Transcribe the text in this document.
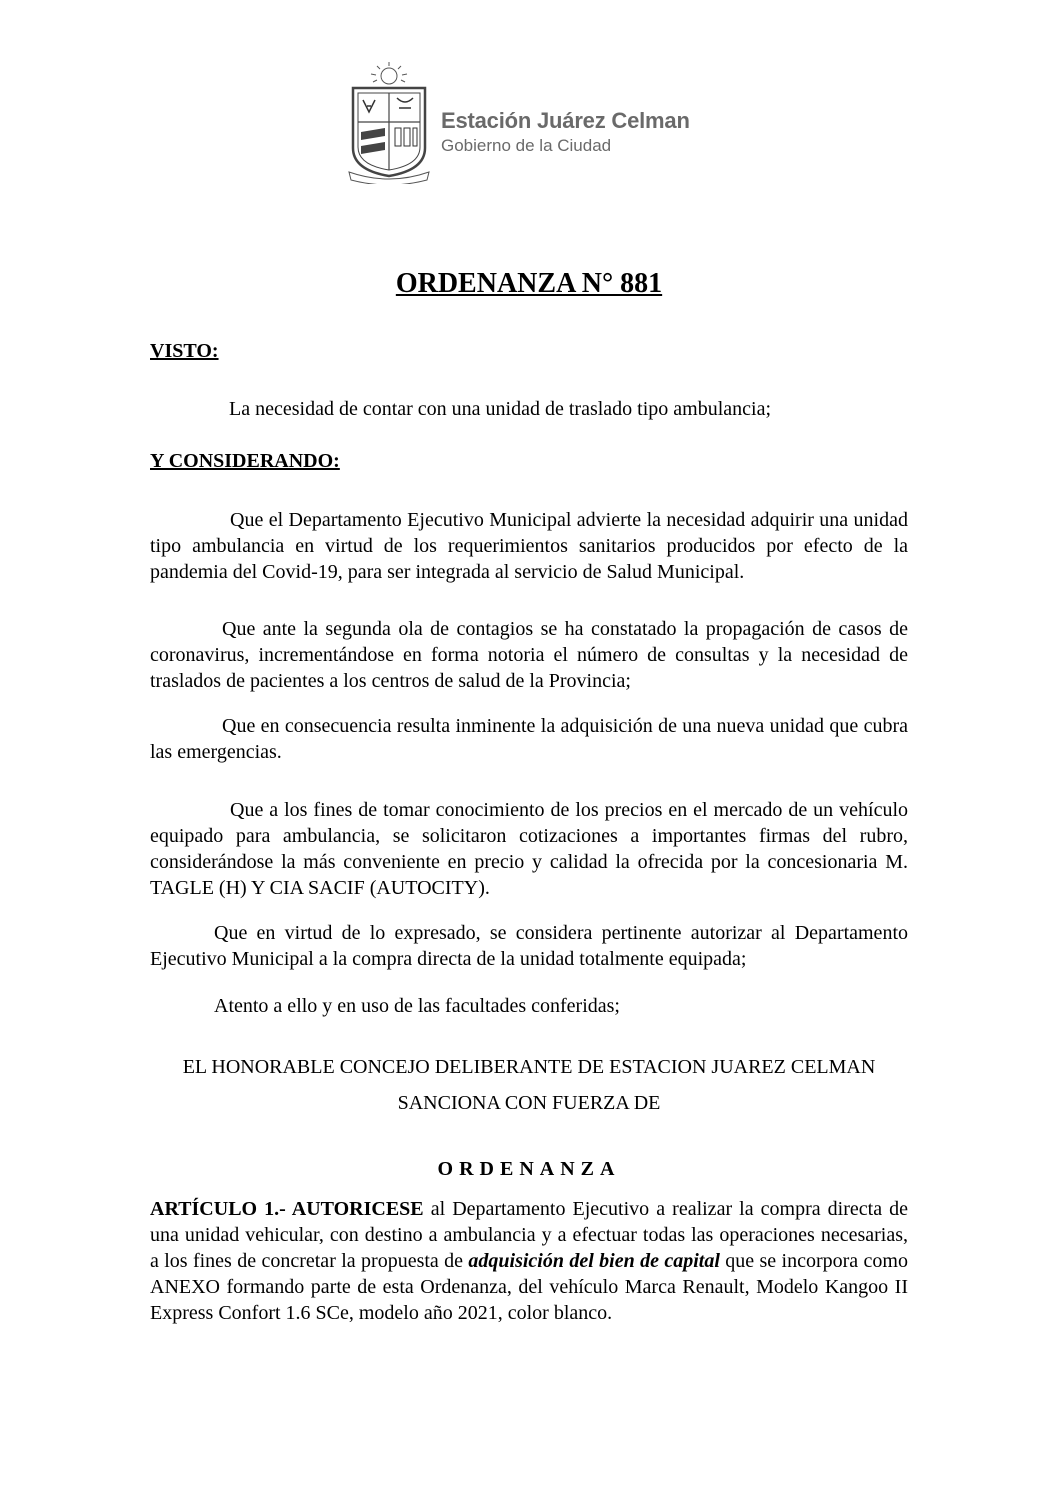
Estación Juárez Celman
Gobierno de la Ciudad
ORDENANZA N° 881
VISTO:
La necesidad de contar con una unidad de traslado tipo ambulancia;
Y CONSIDERANDO:

Que el Departamento Ejecutivo Municipal advierte la necesidad adquirir una unidad tipo ambulancia en virtud de los requerimientos sanitarios producidos por efecto de la pandemia del Covid-19, para ser integrada al servicio de Salud Municipal.

Que ante la segunda ola de contagios se ha constatado la propagación de casos de coronavirus, incrementándose en forma notoria el número de consultas y la necesidad de traslados de pacientes a los centros de salud de la Provincia;

Que en consecuencia resulta inminente la adquisición de una nueva unidad que cubra las emergencias.

Que a los fines de tomar conocimiento de los precios en el mercado de un vehículo equipado para ambulancia, se solicitaron cotizaciones a importantes firmas del rubro, considerándose la más conveniente en precio y calidad la ofrecida por la concesionaria M. TAGLE (H) Y CIA SACIF (AUTOCITY).

Que en virtud de lo expresado, se considera pertinente autorizar al Departamento Ejecutivo Municipal a la compra directa de la unidad totalmente equipada;

Atento a ello y en uso de las facultades conferidas;
EL HONORABLE CONCEJO DELIBERANTE DE ESTACION JUAREZ CELMAN
SANCIONA CON FUERZA DE
ORDENANZA

ARTÍCULO 1.- AUTORICESE al Departamento Ejecutivo a realizar la compra directa de una unidad vehicular, con destino a ambulancia y a efectuar todas las operaciones necesarias, a los fines de concretar la propuesta de adquisición del bien de capital que se incorpora como ANEXO formando parte de esta Ordenanza, del vehículo Marca Renault, Modelo Kangoo II Express Confort 1.6 SCe, modelo año 2021, color blanco.
